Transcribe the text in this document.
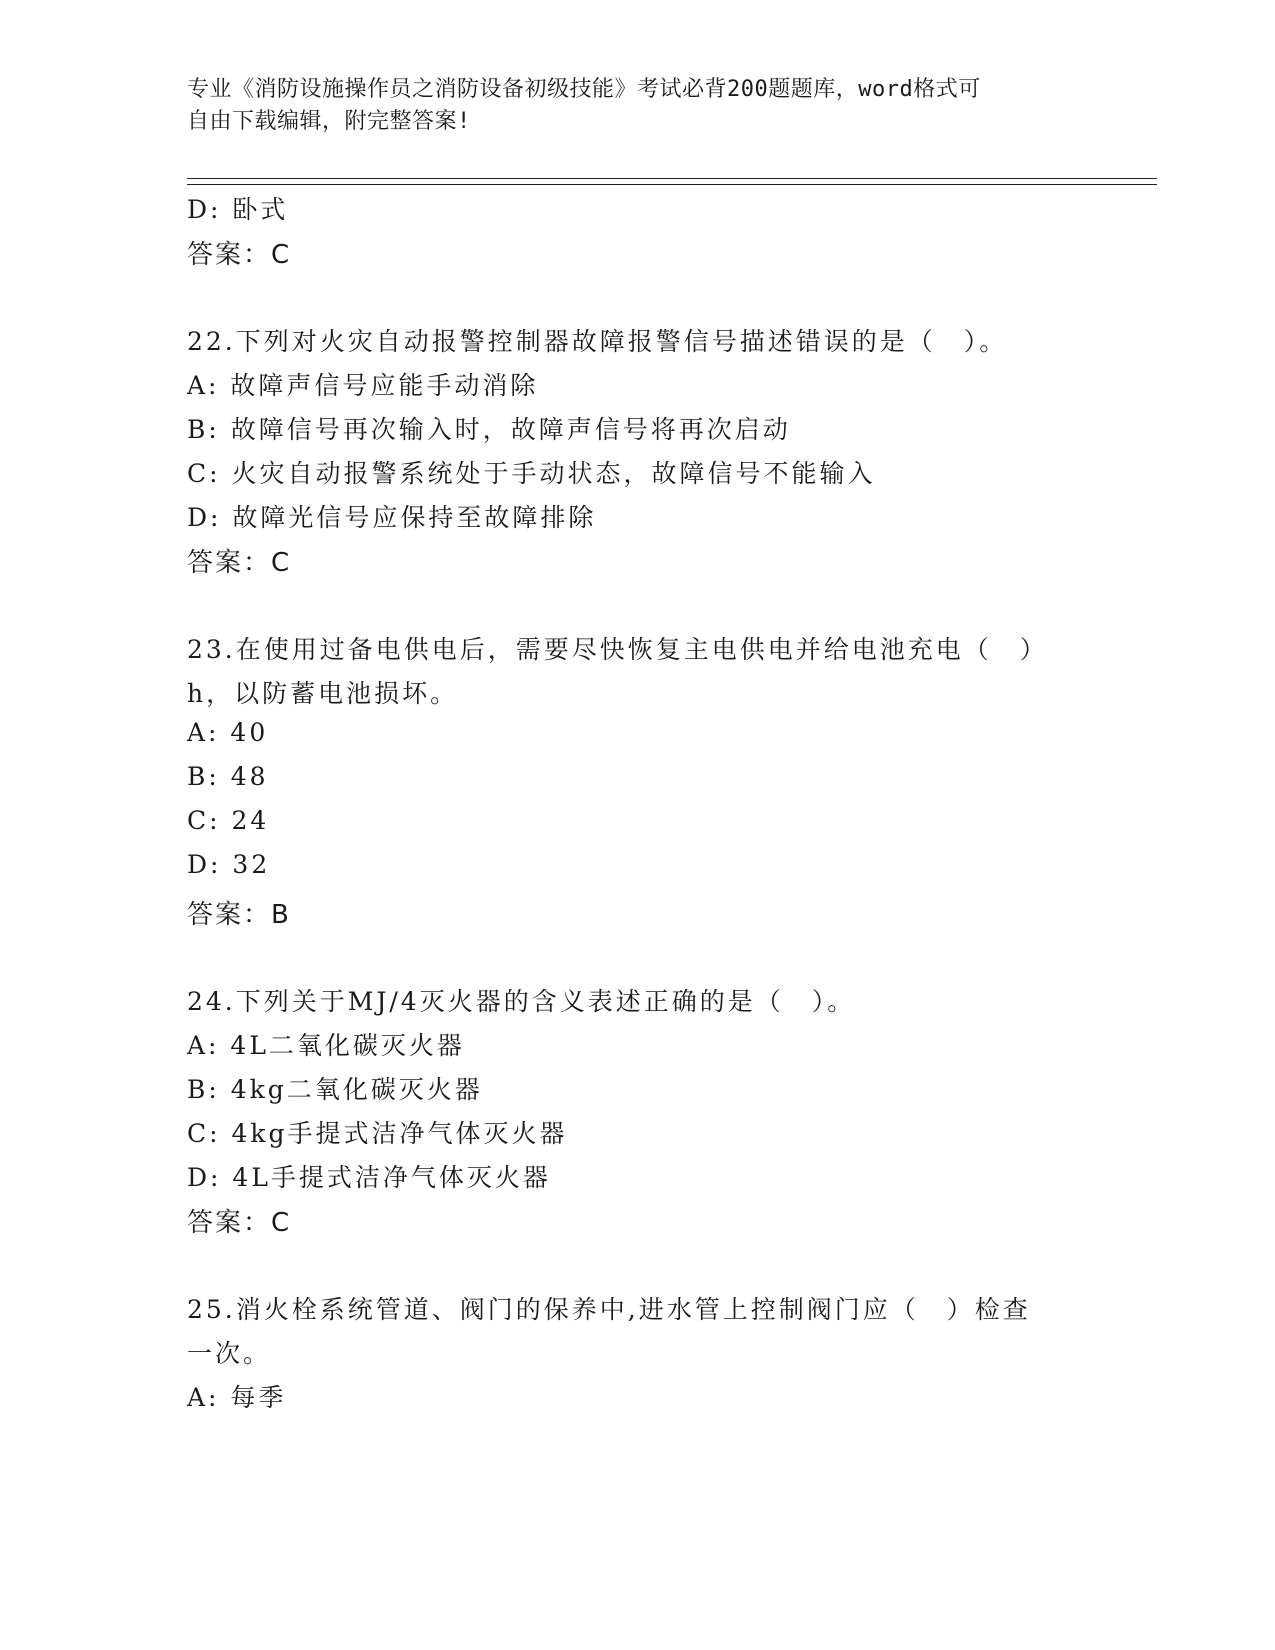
专业《消防设施操作员之消防设备初级技能》考试必背200题题库，word格式可
自由下载编辑，附完整答案!
D: 卧式
答案：C
22.下列对火灾自动报警控制器故障报警信号描述错误的是（　）。
A: 故障声信号应能手动消除
B: 故障信号再次输入时，故障声信号将再次启动
C: 火灾自动报警系统处于手动状态，故障信号不能输入
D: 故障光信号应保持至故障排除
答案：C
23.在使用过备电供电后，需要尽快恢复主电供电并给电池充电（　）
h，以防蓄电池损坏。
A: 40
B: 48
C: 24
D: 32
答案：B
24.下列关于MJ/4灭火器的含义表述正确的是（　）。
A: 4L二氧化碳灭火器
B: 4kg二氧化碳灭火器
C: 4kg手提式洁净气体灭火器
D: 4L手提式洁净气体灭火器
答案：C
25.消火栓系统管道、阀门的保养中,进水管上控制阀门应（　）检查
一次。
A: 每季
